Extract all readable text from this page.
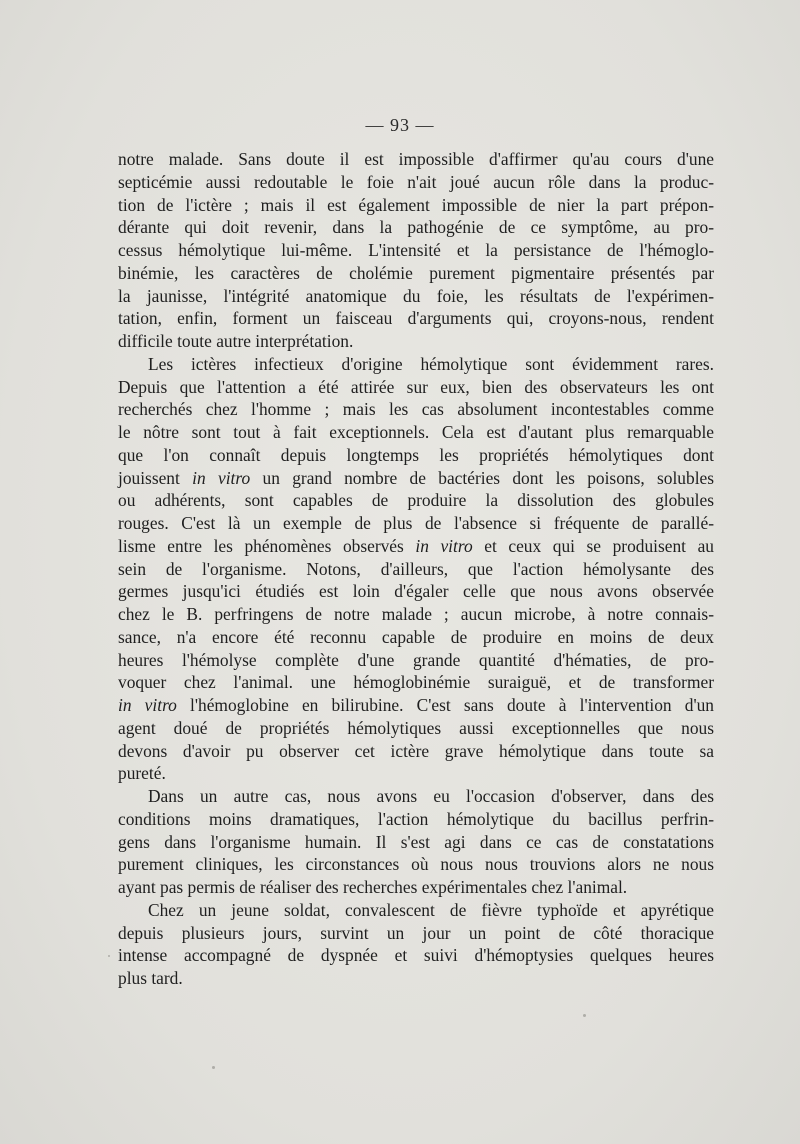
— 93 —
notre malade. Sans doute il est impossible d'affirmer qu'au cours d'une
septicémie aussi redoutable le foie n'ait joué aucun rôle dans la produc-
tion de l'ictère ; mais il est également impossible de nier la part prépon-
dérante qui doit revenir, dans la pathogénie de ce symptôme, au pro-
cessus hémolytique lui-même. L'intensité et la persistance de l'hémoglo-
binémie, les caractères de cholémie purement pigmentaire présentés par
la jaunisse, l'intégrité anatomique du foie, les résultats de l'expérimen-
tation, enfin, forment un faisceau d'arguments qui, croyons-nous, rendent
difficile toute autre interprétation.
Les ictères infectieux d'origine hémolytique sont évidemment rares.
Depuis que l'attention a été attirée sur eux, bien des observateurs les ont
recherchés chez l'homme ; mais les cas absolument incontestables comme
le nôtre sont tout à fait exceptionnels. Cela est d'autant plus remarquable
que l'on connaît depuis longtemps les propriétés hémolytiques dont
jouissent in vitro un grand nombre de bactéries dont les poisons, solubles
ou adhérents, sont capables de produire la dissolution des globules
rouges. C'est là un exemple de plus de l'absence si fréquente de parallé-
lisme entre les phénomènes observés in vitro et ceux qui se produisent au
sein de l'organisme. Notons, d'ailleurs, que l'action hémolysante des
germes jusqu'ici étudiés est loin d'égaler celle que nous avons observée
chez le B. perfringens de notre malade ; aucun microbe, à notre connais-
sance, n'a encore été reconnu capable de produire en moins de deux
heures l'hémolyse complète d'une grande quantité d'hématies, de pro-
voquer chez l'animal. une hémoglobinémie suraiguë, et de transformer
in vitro l'hémoglobine en bilirubine. C'est sans doute à l'intervention d'un
agent doué de propriétés hémolytiques aussi exceptionnelles que nous
devons d'avoir pu observer cet ictère grave hémolytique dans toute sa
pureté.
Dans un autre cas, nous avons eu l'occasion d'observer, dans des
conditions moins dramatiques, l'action hémolytique du bacillus perfrin-
gens dans l'organisme humain. Il s'est agi dans ce cas de constatations
purement cliniques, les circonstances où nous nous trouvions alors ne nous
ayant pas permis de réaliser des recherches expérimentales chez l'animal.
Chez un jeune soldat, convalescent de fièvre typhoïde et apyrétique
depuis plusieurs jours, survint un jour un point de côté thoracique
intense accompagné de dyspnée et suivi d'hémoptysies quelques heures
plus tard.
